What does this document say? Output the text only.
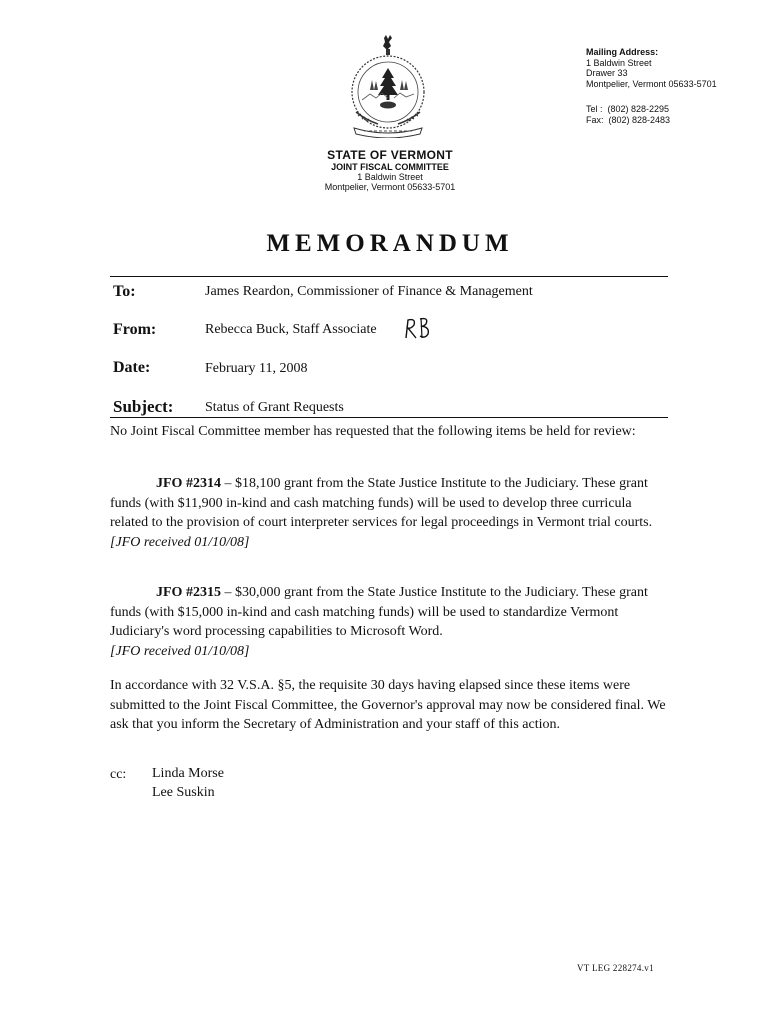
Mailing Address:
1 Baldwin Street
Drawer 33
Montpelier, Vermont 05633-5701
Tel :  (802) 828-2295
Fax:  (802) 828-2483
STATE OF VERMONT
JOINT FISCAL COMMITTEE
1 Baldwin Street
Montpelier, Vermont 05633-5701
MEMORANDUM
To:	James Reardon, Commissioner of Finance & Management
From:	Rebecca Buck, Staff Associate
Date:	February 11, 2008
Subject: Status of Grant Requests
No Joint Fiscal Committee member has requested that the following items be held for review:
JFO #2314 – $18,100 grant from the State Justice Institute to the Judiciary. These grant funds (with $11,900 in-kind and cash matching funds) will be used to develop three curricula related to the provision of court interpreter services for legal proceedings in Vermont trial courts.
[JFO received 01/10/08]
JFO #2315 – $30,000 grant from the State Justice Institute to the Judiciary. These grant funds (with $15,000 in-kind and cash matching funds) will be used to standardize Vermont Judiciary's word processing capabilities to Microsoft Word.
[JFO received 01/10/08]
In accordance with 32 V.S.A. §5, the requisite 30 days having elapsed since these items were submitted to the Joint Fiscal Committee, the Governor's approval may now be considered final. We ask that you inform the Secretary of Administration and your staff of this action.
cc: Linda Morse
Lee Suskin
VT LEG 228274.v1
